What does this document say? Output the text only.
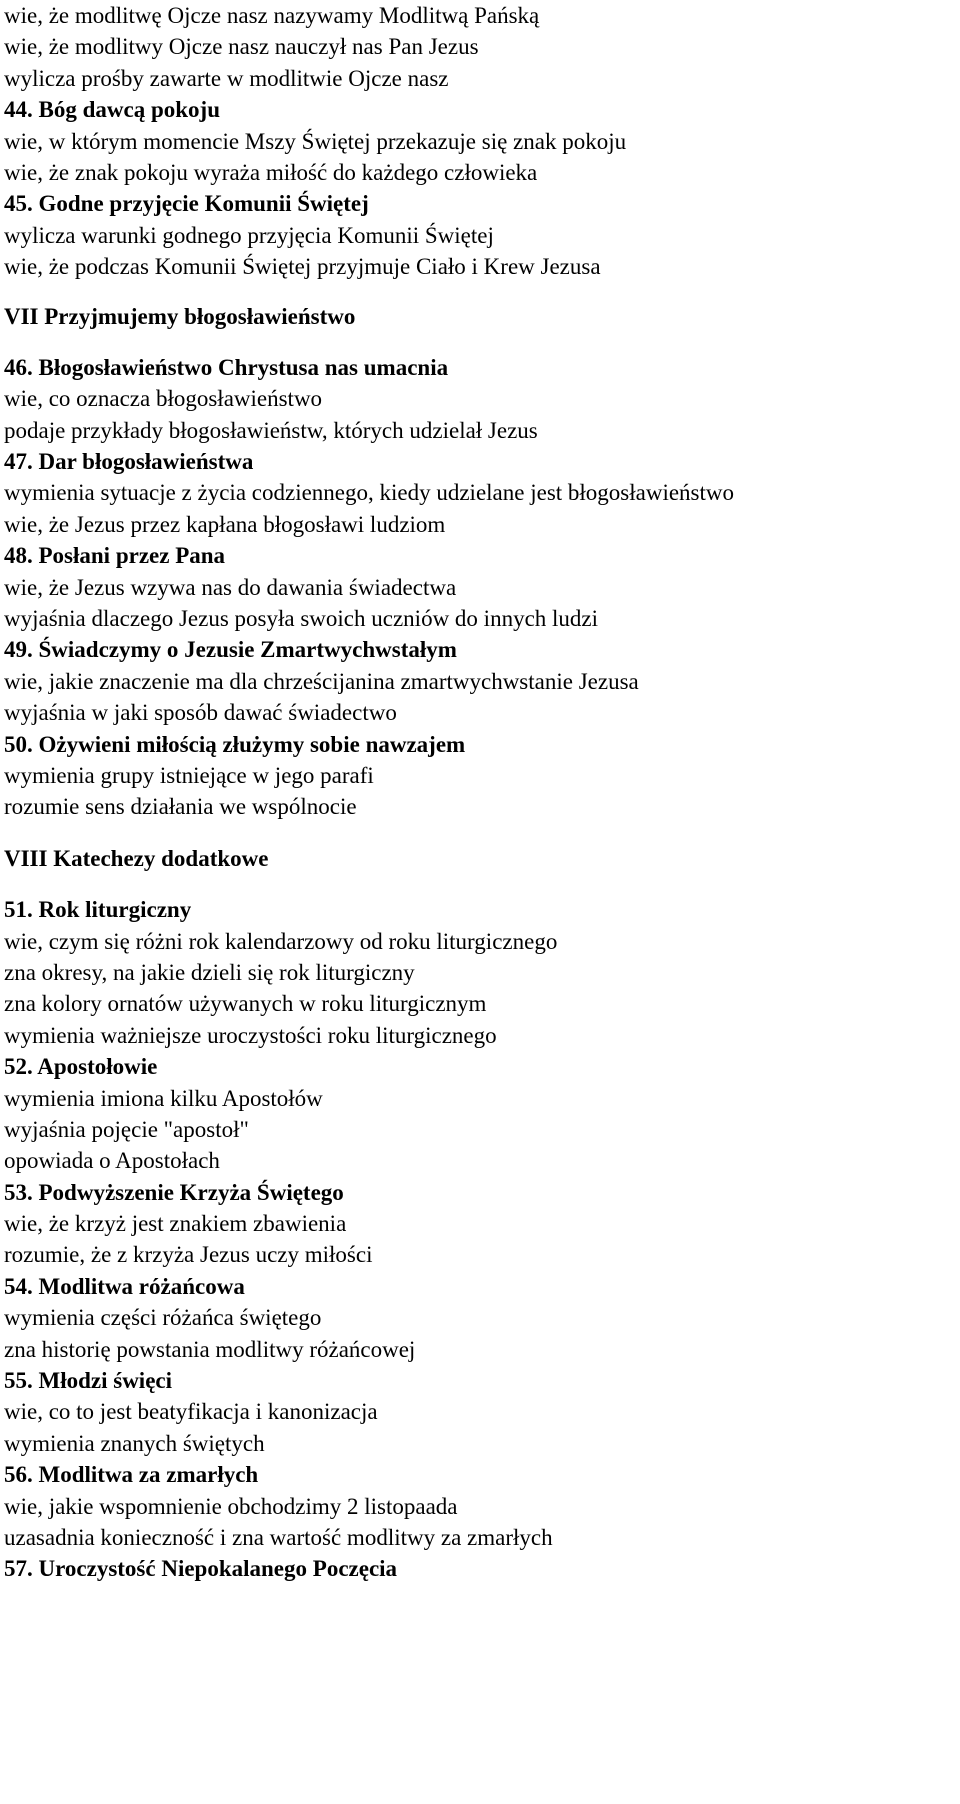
wie, że modlitwę Ojcze nasz nazywamy Modlitwą Pańską
wie, że modlitwy Ojcze nasz nauczył nas Pan Jezus
wylicza prośby zawarte w modlitwie Ojcze nasz
44. Bóg dawcą pokoju
wie, w którym momencie Mszy Świętej przekazuje się znak pokoju
wie, że znak pokoju wyraża miłość do każdego człowieka
45. Godne przyjęcie Komunii Świętej
wylicza warunki godnego przyjęcia Komunii Świętej
wie, że podczas Komunii Świętej przyjmuje Ciało i Krew Jezusa
VII Przyjmujemy błogosławieństwo
46. Błogosławieństwo Chrystusa nas umacnia
wie, co oznacza błogosławieństwo
podaje przykłady błogosławieństw, których udzielał Jezus
47. Dar błogosławieństwa
wymienia sytuacje z życia codziennego, kiedy udzielane jest błogosławieństwo
wie, że Jezus przez kapłana błogosławi ludziom
48. Posłani przez Pana
wie, że Jezus wzywa nas do dawania świadectwa
wyjaśnia dlaczego Jezus posyła swoich uczniów do innych ludzi
49. Świadczymy o Jezusie Zmartwychwstałym
wie, jakie znaczenie ma dla chrześcijanina zmartwychwstanie Jezusa
wyjaśnia w jaki sposób dawać świadectwo
50. Ożywieni miłością złużymy sobie nawzajem
wymienia grupy istniejące w jego parafi
rozumie sens działania we wspólnocie
VIII Katechezy dodatkowe
51. Rok liturgiczny
wie, czym się różni rok kalendarzowy od roku liturgicznego
zna okresy, na jakie dzieli się rok liturgiczny
zna kolory ornatów używanych w roku liturgicznym
wymienia ważniejsze uroczystości roku liturgicznego
52. Apostołowie
wymienia imiona kilku Apostołów
wyjaśnia pojęcie "apostoł"
opowiada o Apostołach
53. Podwyższenie Krzyża Świętego
wie, że krzyż jest znakiem zbawienia
rozumie, że z krzyża Jezus uczy miłości
54. Modlitwa różańcowa
wymienia części różańca świętego
zna historię powstania modlitwy różańcowej
55. Młodzi święci
wie, co to jest beatyfikacja i kanonizacja
wymienia znanych świętych
56. Modlitwa za zmarłych
wie, jakie wspomnienie obchodzimy 2 listopaada
uzasadnia konieczność i zna wartość modlitwy za zmarłych
57. Uroczystość Niepokalanego Poczęcia
